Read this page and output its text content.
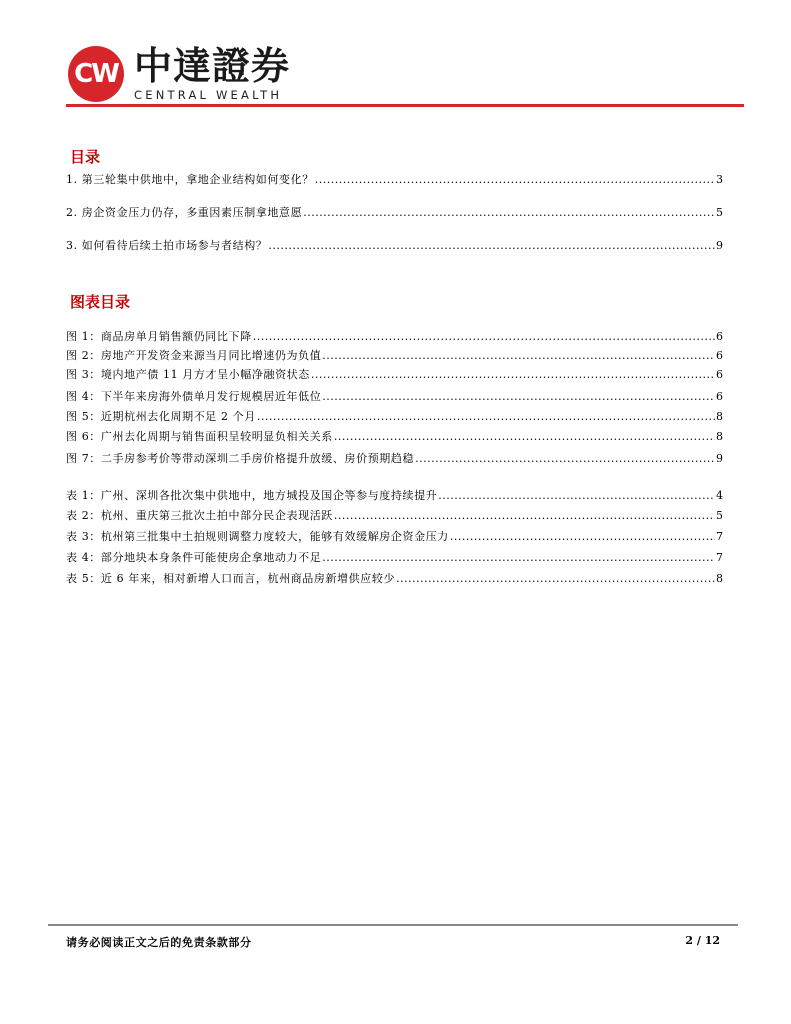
CW 中達證券
CENTRAL WEALTH
目录
1. 第三轮集中供地中，拿地企业结构如何变化？ .....	3
2. 房企资金压力仍存，多重因素压制拿地意愿 .....	5
3. 如何看待后续土拍市场参与者结构？ .....	9
图表目录
图 1：商品房单月销售额仍同比下降 .....	6
图 2：房地产开发资金来源当月同比增速仍为负值 .....	6
图 3：境内地产债 11 月方才呈小幅净融资状态 .....	6
图 4：下半年来房海外债单月发行规模居近年低位 .....	6
图 5：近期杭州去化周期不足 2 个月 .....	8
图 6：广州去化周期与销售面积呈较明显负相关关系 .....	8
图 7：二手房参考价等带动深圳二手房价格提升放缓、房价预期趋稳 .....	9
表 1：广州、深圳各批次集中供地中，地方城投及国企等参与度持续提升 .....	4
表 2：杭州、重庆第三批次土拍中部分民企表现活跃 .....	5
表 3：杭州第三批集中土拍规则调整力度较大，能够有效缓解房企资金压力 .....	7
表 4：部分地块本身条件可能使房企拿地动力不足 .....	7
表 5：近 6 年来，相对新增人口而言，杭州商品房新增供应较少 .....	8
请务必阅读正文之后的免责条款部分	2 / 12
